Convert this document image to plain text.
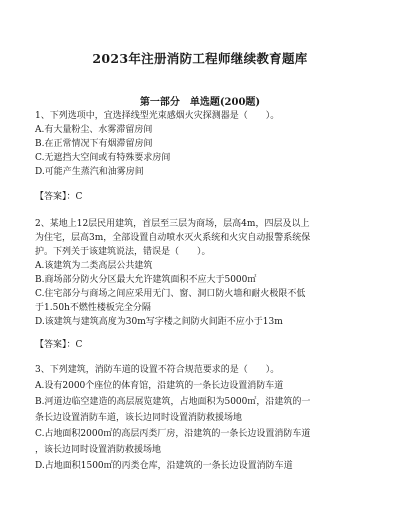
2023年注册消防工程师继续教育题库
第一部分　单选题(200题)
1、下列选项中，宜选择线型光束感烟火灾探测器是（　　）。
A.有大量粉尘、水雾滞留房间
B.在正常情况下有烟滞留房间
C.无遮挡大空间或有特殊要求房间
D.可能产生蒸汽和油雾房间
【答案】：C
2、某地上12层民用建筑，首层至三层为商场，层高4m，四层及以上
为住宅，层高3m，全部设置自动喷水灭火系统和火灾自动报警系统保
护。下列关于该建筑说法，错误是（　　）。
A.该建筑为二类高层公共建筑
B.商场部分防火分区最大允许建筑面积不应大于5000㎡
C.住宅部分与商场之间应采用无门、窗、洞口防火墙和耐火极限不低
于1.50h不燃性楼板完全分隔
D.该建筑与建筑高度为30m写字楼之间防火间距不应小于13m
【答案】：C
3、下列建筑，消防车道的设置不符合规范要求的是（　　）。
A.设有2000个座位的体育馆，沿建筑的一条长边设置消防车道
B.河道边临空建造的高层展览建筑，占地面积为5000㎡，沿建筑的一
条长边设置消防车道，该长边同时设置消防救援场地
C.占地面积2000㎡的高层丙类厂房，沿建筑的一条长边设置消防车道
，该长边同时设置消防救援场地
D.占地面积1500㎡的丙类仓库，沿建筑的一条长边设置消防车道
